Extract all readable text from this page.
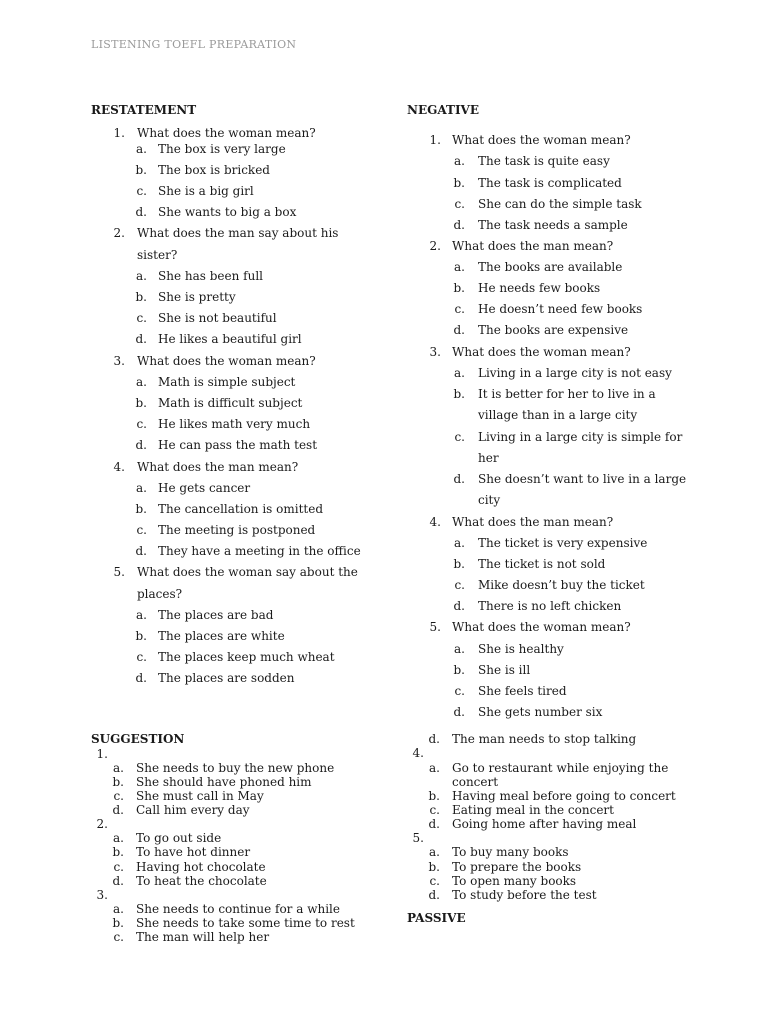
LISTENING TOEFL PREPARATION
RESTATEMENT	NEGATIVE
SUGGESTION
PASSIVE
1. What does the woman mean?
a. The box is very large
b. The box is bricked
c. She is a big girl
d. She wants to big a box
2. What does the man say about his
sister?
a. She has been full
b. She is pretty
c. She is not beautiful
d. He likes a beautiful girl
3. What does the woman mean?
a. Math is simple subject
b. Math is difficult subject
c. He likes math very much
d. He can pass the math test
4. What does the man mean?
a. He gets cancer
b. The cancellation is omitted
c. The meeting is postponed
d. They have a meeting in the office
5. What does the woman say about the
places?
a. The places are bad
b. The places are white
c. The places keep much wheat
d. The places are sodden
1. What does the woman mean?
a. The task is quite easy
b. The task is complicated
c. She can do the simple task
d. The task needs a sample
2. What does the man mean?
a. The books are available
b. He needs few books
c. He doesn’t need few books
d. The books are expensive
3. What does the woman mean?
a. Living in a large city is not easy
b. It is better for her to live in a
village than in a large city
c. Living in a large city is simple for
her
d. She doesn’t want to live in a large
city
4. What does the man mean?
a. The ticket is very expensive
b. The ticket is not sold
c. Mike doesn’t buy the ticket
d. There is no left chicken
5. What does the woman mean?
a. She is healthy
b. She is ill
c. She feels tired
d. She gets number six
1.
a. She needs to buy the new phone
b. She should have phoned him
c. She must call in May
d. Call him every day
2.
a. To go out side
b. To have hot dinner
c. Having hot chocolate
d. To heat the chocolate
3.
a. She needs to continue for a while
b. She needs to take some time to rest
c. The man will help her
d. The man needs to stop talking
4.
a. Go to restaurant while enjoying the
concert
b. Having meal before going to concert
c. Eating meal in the concert
d. Going home after having meal
5.
a. To buy many books
b. To prepare the books
c. To open many books
d. To study before the test
